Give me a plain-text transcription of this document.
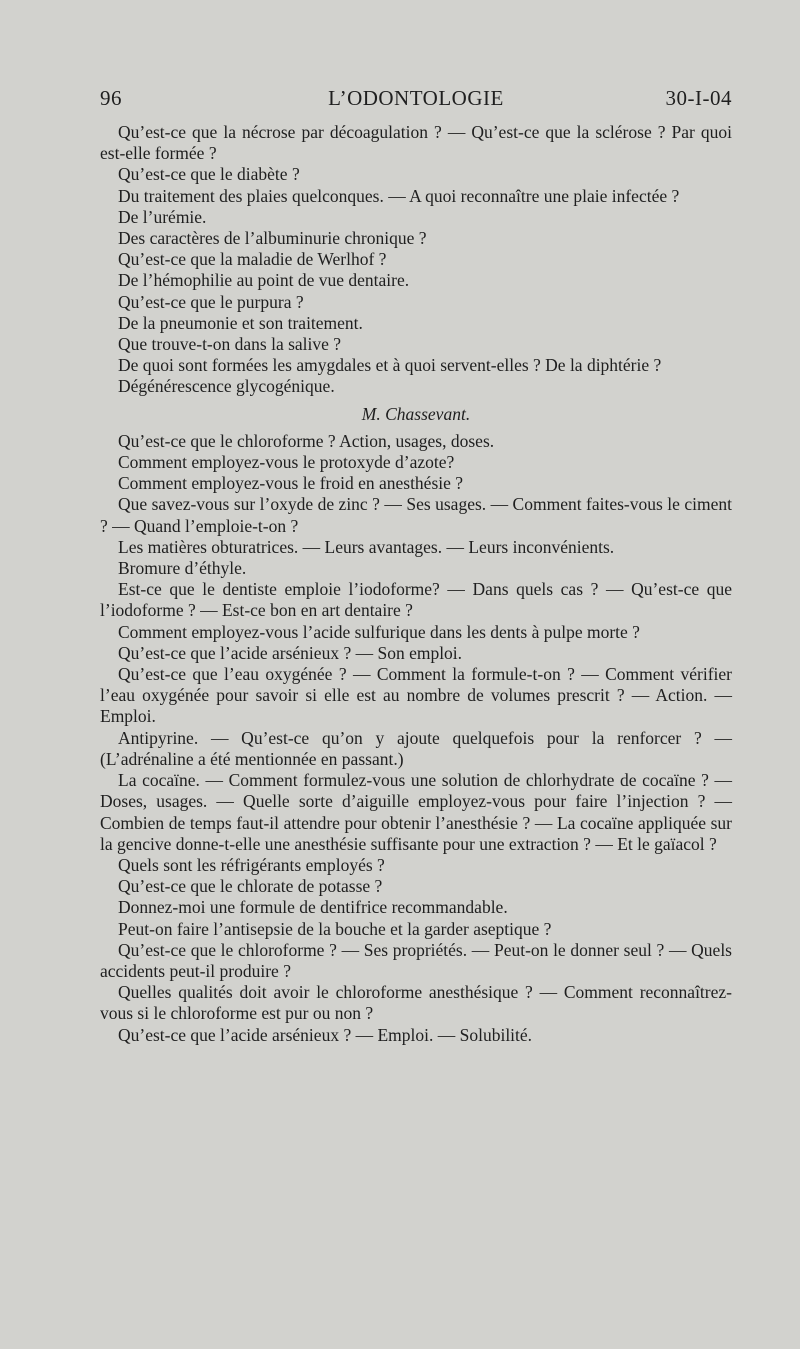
96	L’ODONTOLOGIE	30-I-04

Qu’est-ce que la nécrose par décoagulation ? — Qu’est-ce que la sclérose ? Par quoi est-elle formée ?

Qu’est-ce que le diabète ?

Du traitement des plaies quelconques. — A quoi reconnaître une plaie infectée ?

De l’urémie.

Des caractères de l’albuminurie chronique ?

Qu’est-ce que la maladie de Werlhof ?

De l’hémophilie au point de vue dentaire.

Qu’est-ce que le purpura ?

De la pneumonie et son traitement.

Que trouve-t-on dans la salive ?

De quoi sont formées les amygdales et à quoi servent-elles ? De la diphtérie ?

Dégénérescence glycogénique.

M. Chassevant.

Qu’est-ce que le chloroforme ? Action, usages, doses.

Comment employez-vous le protoxyde d’azote?

Comment employez-vous le froid en anesthésie ?

Que savez-vous sur l’oxyde de zinc ? — Ses usages. — Comment faites-vous le ciment ? — Quand l’emploie-t-on ?

Les matières obturatrices. — Leurs avantages. — Leurs inconvénients.

Bromure d’éthyle.

Est-ce que le dentiste emploie l’iodoforme? — Dans quels cas ? — Qu’est-ce que l’iodoforme ? — Est-ce bon en art dentaire ?

Comment employez-vous l’acide sulfurique dans les dents à pulpe morte ?

Qu’est-ce que l’acide arsénieux ? — Son emploi.

Qu’est-ce que l’eau oxygénée ? — Comment la formule-t-on ? — Comment vérifier l’eau oxygénée pour savoir si elle est au nombre de volumes prescrit ? — Action. — Emploi.

Antipyrine. — Qu’est-ce qu’on y ajoute quelquefois pour la renforcer ? — (L’adrénaline a été mentionnée en passant.)

La cocaïne. — Comment formulez-vous une solution de chlorhydrate de cocaïne ? — Doses, usages. — Quelle sorte d’aiguille employez-vous pour faire l’injection ? — Combien de temps faut-il attendre pour obtenir l’anesthésie ? — La cocaïne appliquée sur la gencive donne-t-elle une anesthésie suffisante pour une extraction ? — Et le gaïacol ?

Quels sont les réfrigérants employés ?

Qu’est-ce que le chlorate de potasse ?

Donnez-moi une formule de dentifrice recommandable.

Peut-on faire l’antisepsie de la bouche et la garder aseptique ?

Qu’est-ce que le chloroforme ? — Ses propriétés. — Peut-on le donner seul ? — Quels accidents peut-il produire ?

Quelles qualités doit avoir le chloroforme anesthésique ? — Comment reconnaîtrez-vous si le chloroforme est pur ou non ?

Qu’est-ce que l’acide arsénieux ? — Emploi. — Solubilité.
